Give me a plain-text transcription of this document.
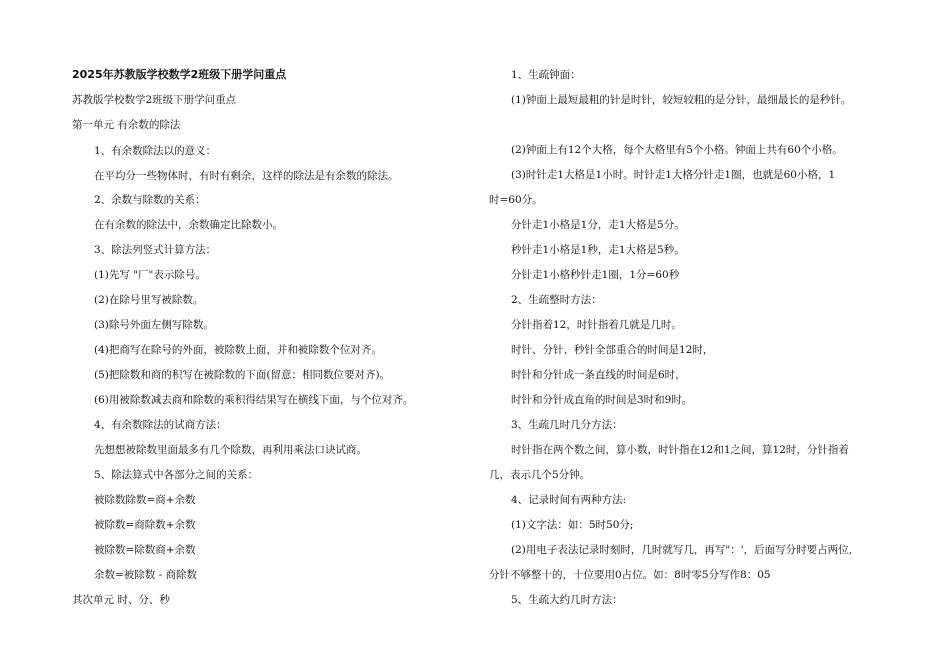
2025年苏教版学校数学2班级下册学问重点
苏教版学校数学2班级下册学问重点
第一单元 有余数的除法
1、有余数除法以的意义：
在平均分一些物体时，有时有剩余，这样的除法是有余数的除法。
2、余数与除数的关系：
在有余数的除法中，余数确定比除数小。
3、除法列竖式计算方法：
(1)先写 "厂"表示除号。
(2)在除号里写被除数。
(3)除号外面左侧写除数。
(4)把商写在除号的外面，被除数上面，并和被除数个位对齐。
(5)把除数和商的积写在被除数的下面(留意：相同数位要对齐)。
(6)用被除数减去商和除数的乘积得结果写在横线下面，与个位对齐。
4、有余数除法的试商方法：
先想想被除数里面最多有几个除数，再利用乘法口诀试商。
5、除法算式中各部分之间的关系：
被除数除数=商+余数
被除数=商除数+余数
被除数=除数商+余数
余数=被除数 - 商除数
其次单元 时、分、秒
1、生疏钟面：
(1)钟面上最短最粗的针是时针，较短较粗的是分针，最细最长的是秒针。
(2)钟面上有12个大格，每个大格里有5个小格。钟面上共有60个小格。
(3)时针走1大格是1小时。时针走1大格分针走1圈，也就是60小格，1
时=60分。
分针走1小格是1分，走1大格是5分。
秒针走1小格是1秒，走1大格是5秒。
分针走1小格秒针走1圈，1分=60秒
2、生疏整时方法：
分针指着12，时针指着几就是几时。
时针、分针、秒针全部重合的时间是12时，
时针和分针成一条直线的时间是6时，
时针和分针成直角的时间是3时和9时。
3、生疏几时几分方法：
时针指在两个数之间，算小数，时针指在12和1之间，算12时，分针指着
几，表示几个5分钟。
4、记录时间有两种方法:
(1)文字法：如：5时50分;
(2)用电子表法记录时刻时，几时就写几，再写"：'，后面写分时要占两位,
分针不够整十的，十位要用0占位。如：8时零5分写作8：05
5、生疏大约几时方法：
